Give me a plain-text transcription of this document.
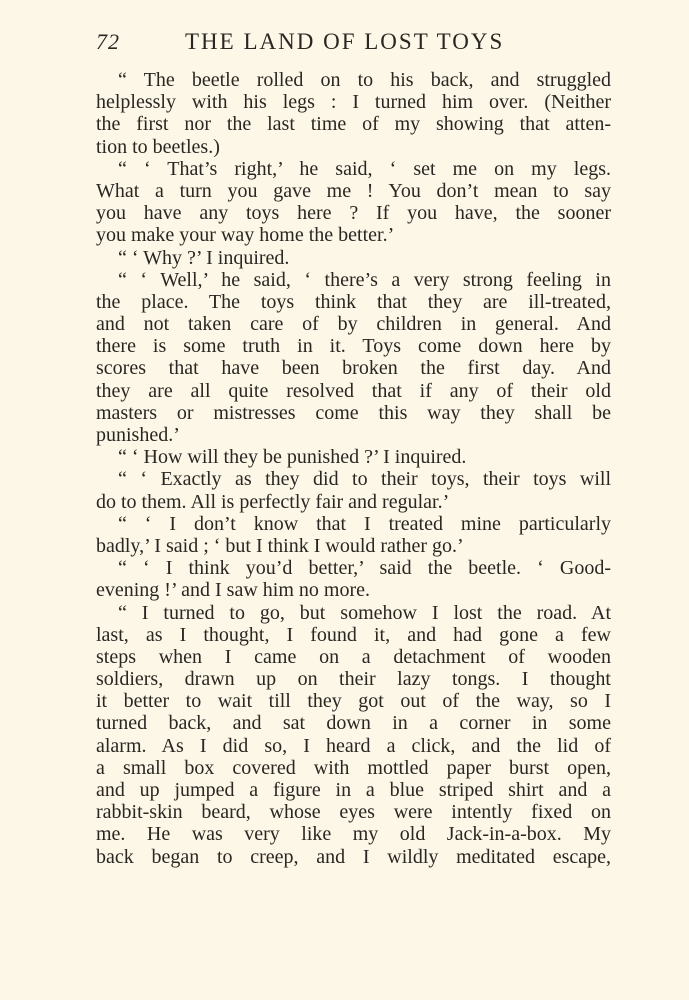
72	THE LAND OF LOST TOYS
“ The beetle rolled on to his back, and struggled
helplessly with his legs : I turned him over. (Neither
the first nor the last time of my showing that atten-
tion to beetles.)
“ ‘ That’s right,’ he said, ‘ set me on my legs.
What a turn you gave me ! You don’t mean to say
you have any toys here ? If you have, the sooner
you make your way home the better.’
“ ‘ Why ?’ I inquired.
“ ‘ Well,’ he said, ‘ there’s a very strong feeling in
the place. The toys think that they are ill-treated,
and not taken care of by children in general. And
there is some truth in it. Toys come down here by
scores that have been broken the first day. And
they are all quite resolved that if any of their old
masters or mistresses come this way they shall be
punished.’
“ ‘ How will they be punished ?’ I inquired.
“ ‘ Exactly as they did to their toys, their toys will
do to them. All is perfectly fair and regular.’
“ ‘ I don’t know that I treated mine particularly
badly,’ I said ; ‘ but I think I would rather go.’
“ ‘ I think you’d better,’ said the beetle. ‘ Good-
evening !’ and I saw him no more.
“ I turned to go, but somehow I lost the road. At
last, as I thought, I found it, and had gone a few
steps when I came on a detachment of wooden
soldiers, drawn up on their lazy tongs. I thought
it better to wait till they got out of the way, so I
turned back, and sat down in a corner in some
alarm. As I did so, I heard a click, and the lid of
a small box covered with mottled paper burst open,
and up jumped a figure in a blue striped shirt and a
rabbit-skin beard, whose eyes were intently fixed on
me. He was very like my old Jack-in-a-box. My
back began to creep, and I wildly meditated escape,
